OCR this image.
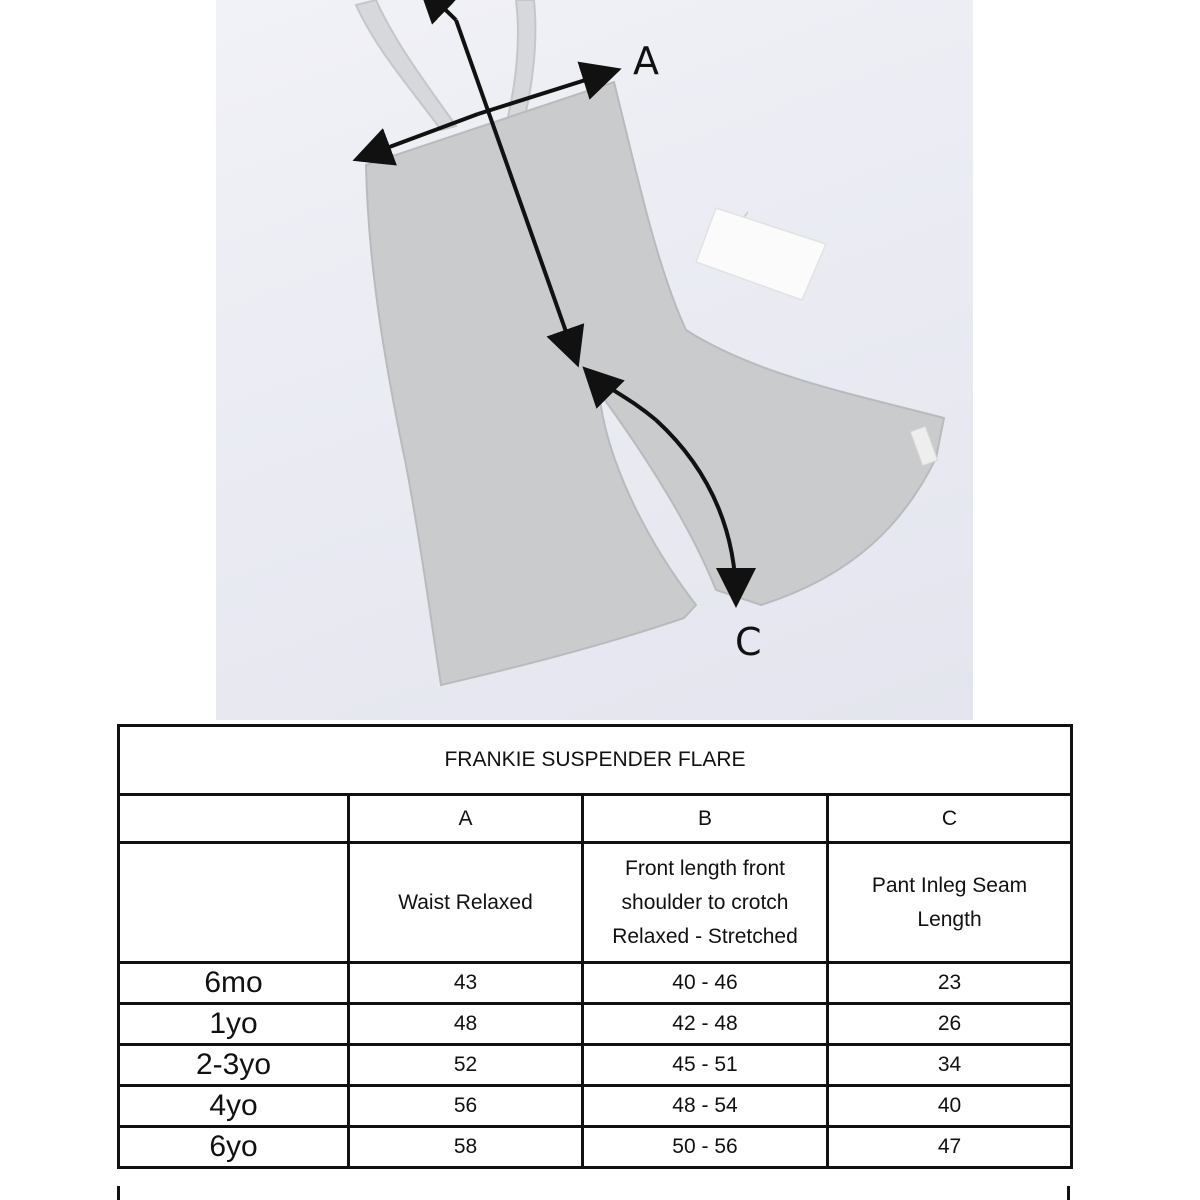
A
C
FRANKIE SUSPENDER FLARE			
	A	B	C
	Waist Relaxed	Front length front shoulder to crotch Relaxed - Stretched	Pant Inleg Seam Length
6mo	43	40 - 46	23
1yo	48	42 - 48	26
2-3yo	52	45 - 51	34
4yo	56	48 - 54	40
6yo	58	50 - 56	47
